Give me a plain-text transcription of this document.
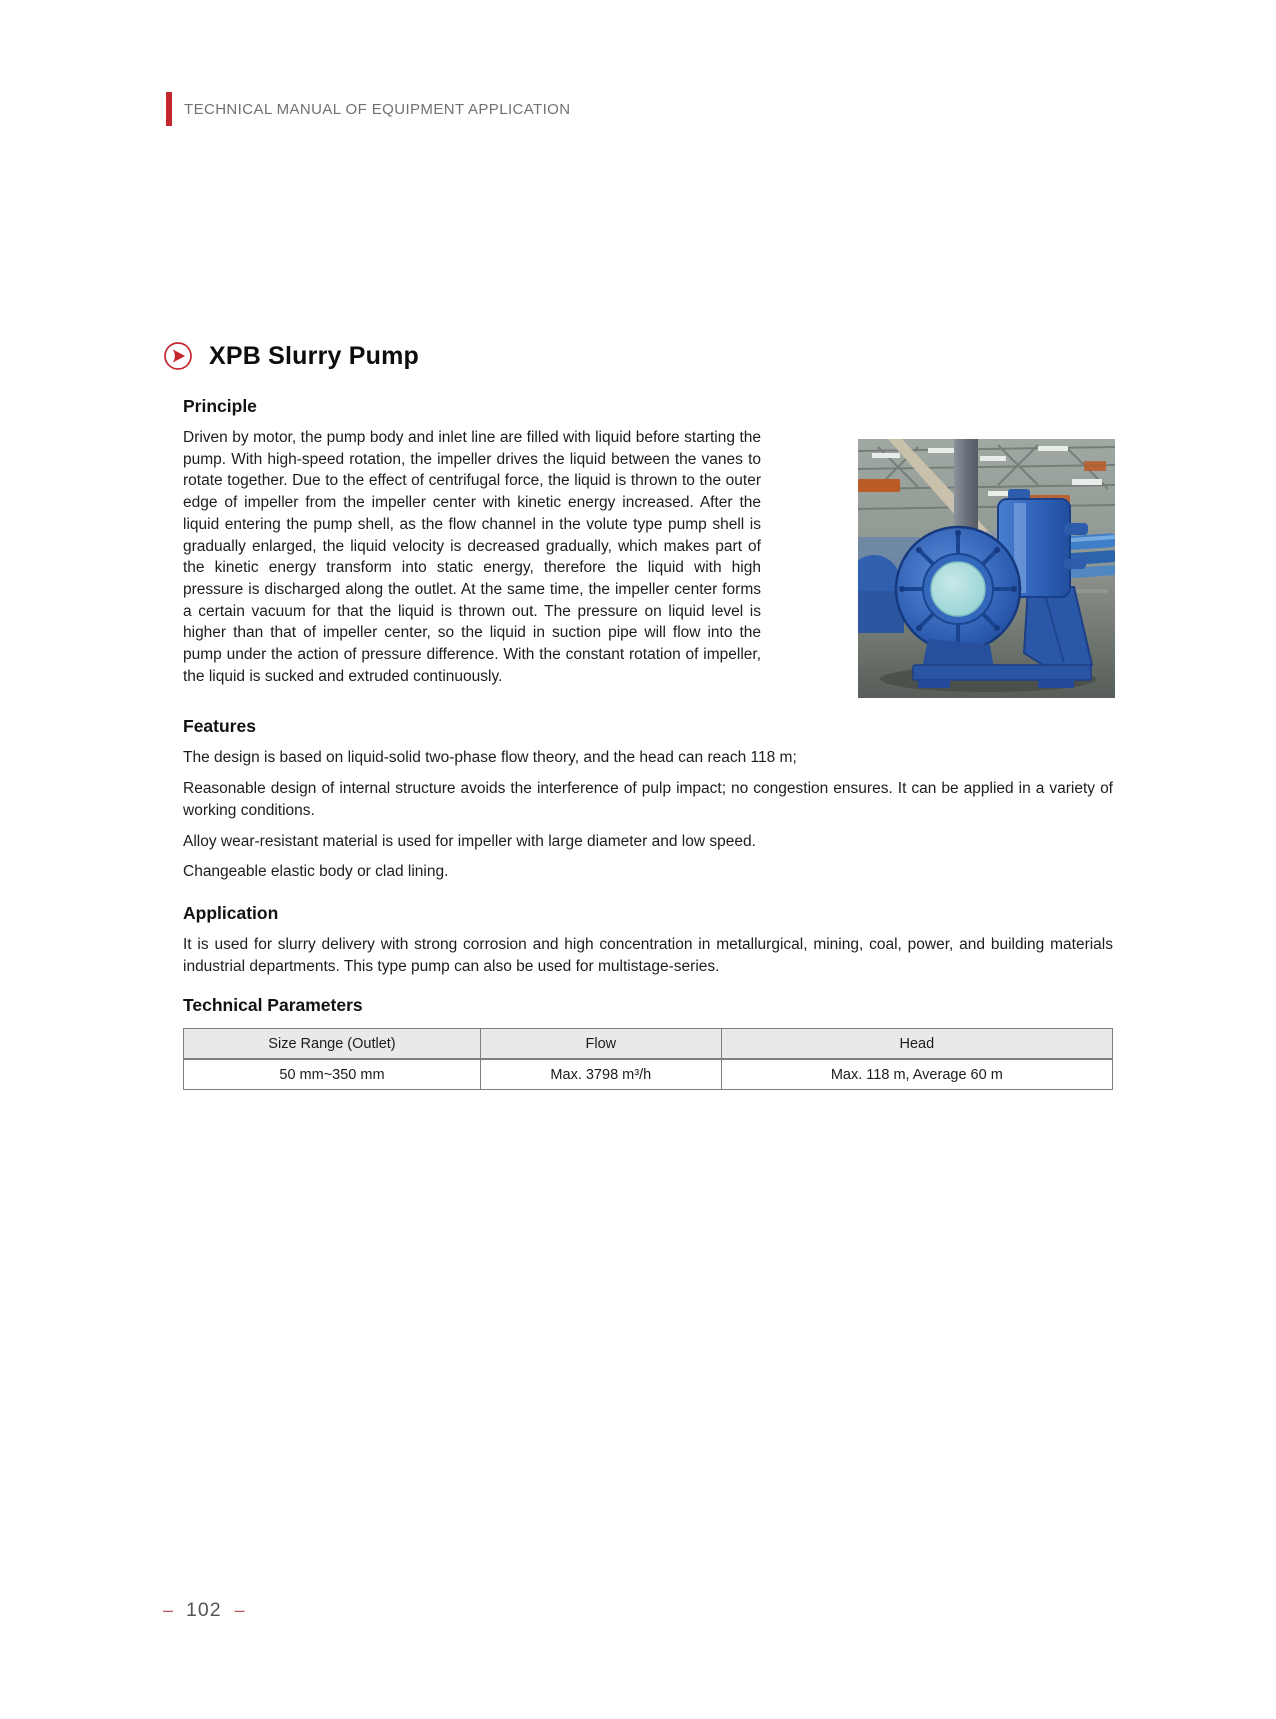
TECHNICAL MANUAL OF EQUIPMENT APPLICATION
XPB Slurry Pump
Principle

Driven by motor, the pump body and inlet line are filled with liquid before starting the pump. With high-speed rotation, the impeller drives the liquid between the vanes to rotate together. Due to the effect of centrifugal force, the liquid is thrown to the outer edge of impeller from the impeller center with kinetic energy increased. After the liquid entering the pump shell, as the flow channel in the volute type pump shell is gradually enlarged, the liquid velocity is decreased gradually, which makes part of the kinetic energy transform into static energy, therefore the liquid with high pressure is discharged along the outlet. At the same time, the impeller center forms a certain vacuum for that the liquid is thrown out. The pressure on liquid level is higher than that of impeller center, so the liquid in suction pipe will flow into the pump under the action of pressure difference. With the constant rotation of impeller, the liquid is sucked and extruded continuously.

Features

The design is based on liquid-solid two-phase flow theory, and the head can reach 118 m;

Reasonable design of internal structure avoids the interference of pulp impact; no congestion ensures. It can be applied in a variety of working conditions.

Alloy wear-resistant material is used for impeller with large diameter and low speed.

Changeable elastic body or clad lining.

Application

It is used for slurry delivery with strong corrosion and high concentration in metallurgical, mining, coal, power, and building materials industrial departments. This type pump can also be used for multistage-series.

Technical Parameters
Size Range (Outlet)	Flow	Head
50 mm~350 mm	Max. 3798 m³/h	Max. 118 m, Average 60 m
– 102 –
